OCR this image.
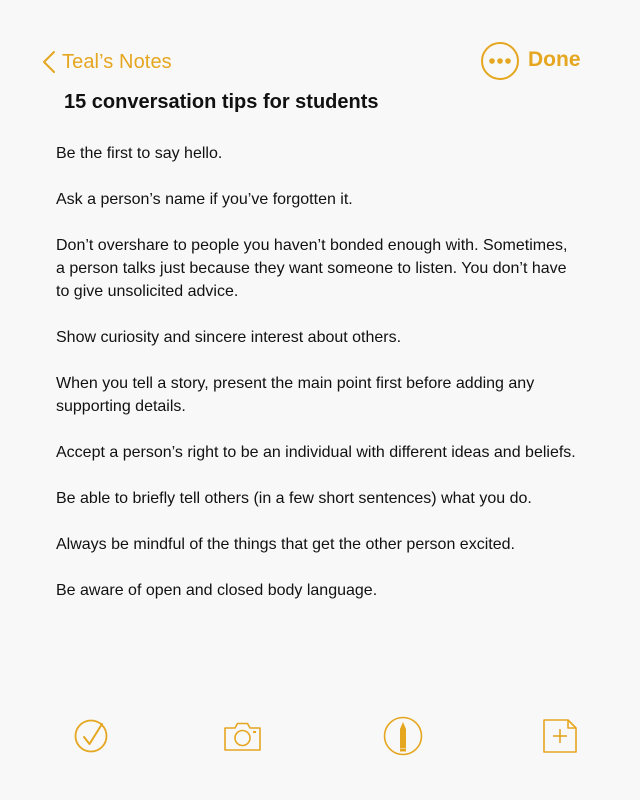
Teal’s Notes	Done
15 conversation tips for students

Be the first to say hello.

Ask a person’s name if you’ve forgotten it.

Don’t overshare to people you haven’t bonded enough with. Sometimes, a person talks just because they want someone to listen. You don’t have to give unsolicited advice.

Show curiosity and sincere interest about others.

When you tell a story, present the main point first before adding any supporting details.

Accept a person’s right to be an individual with different ideas and beliefs.

Be able to briefly tell others (in a few short sentences) what you do.

Always be mindful of the things that get the other person excited.

Be aware of open and closed body language.
